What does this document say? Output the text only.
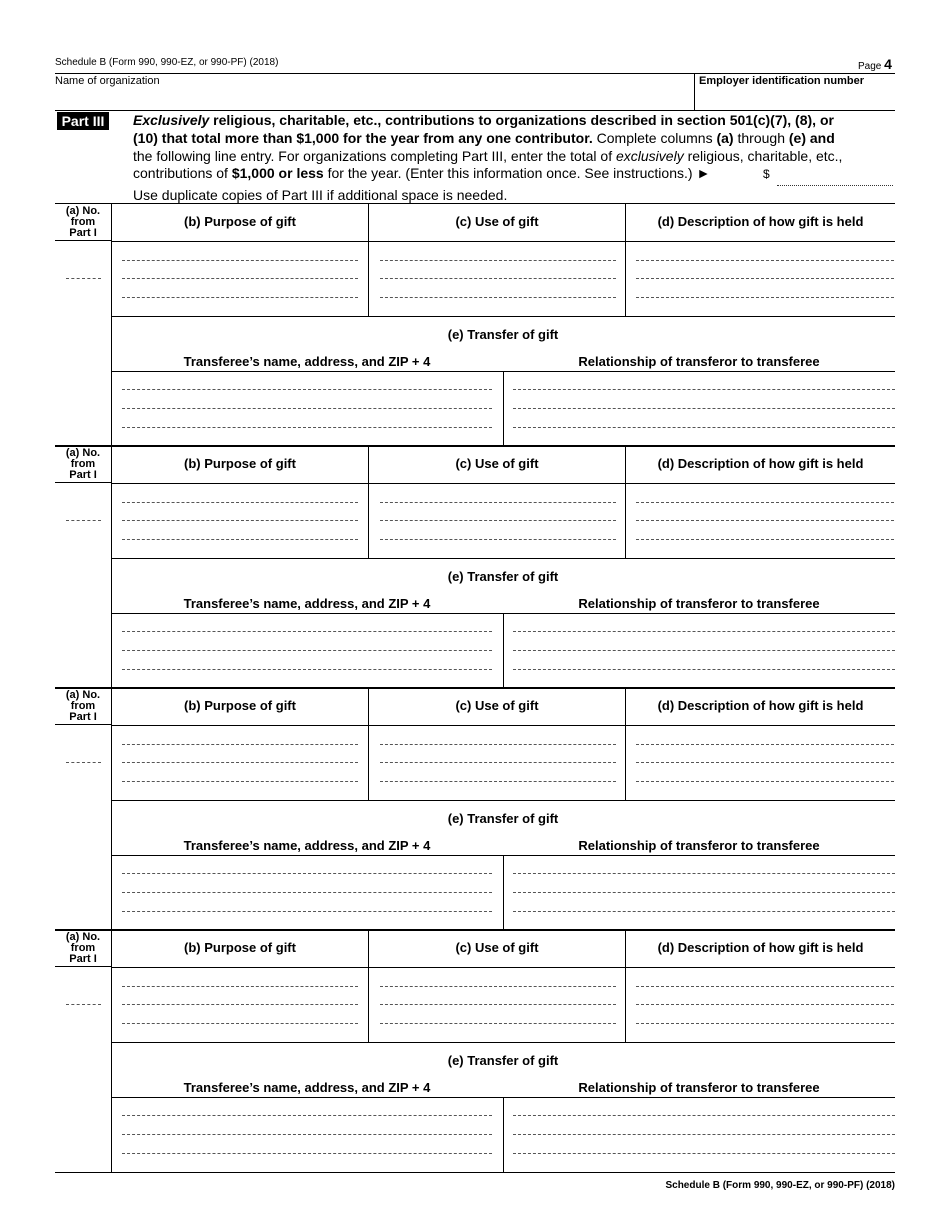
Schedule B (Form 990, 990-EZ, or 990-PF) (2018)	Page 4
Name of organization	Employer identification number
Part III	Exclusively religious, charitable, etc., contributions to organizations described in section 501(c)(7), (8), or
(10) that total more than $1,000 for the year from any one contributor. Complete columns (a) through (e) and
the following line entry. For organizations completing Part III, enter the total of exclusively religious, charitable, etc.,
contributions of $1,000 or less for the year. (Enter this information once. See instructions.) ►	$
Use duplicate copies of Part III if additional space is needed.
(a) No.
from
Part I
(b) Purpose of gift	(c) Use of gift	(d) Description of how gift is held
(e) Transfer of gift
Transferee’s name, address, and ZIP + 4	Relationship of transferor to transferee
(a) No.
from
Part I
(b) Purpose of gift	(c) Use of gift	(d) Description of how gift is held
(e) Transfer of gift
Transferee’s name, address, and ZIP + 4	Relationship of transferor to transferee
(a) No.
from
Part I
(b) Purpose of gift	(c) Use of gift	(d) Description of how gift is held
(e) Transfer of gift
Transferee’s name, address, and ZIP + 4	Relationship of transferor to transferee
(a) No.
from
Part I
(b) Purpose of gift	(c) Use of gift	(d) Description of how gift is held
(e) Transfer of gift
Transferee’s name, address, and ZIP + 4	Relationship of transferor to transferee
Schedule B (Form 990, 990-EZ, or 990-PF) (2018)
